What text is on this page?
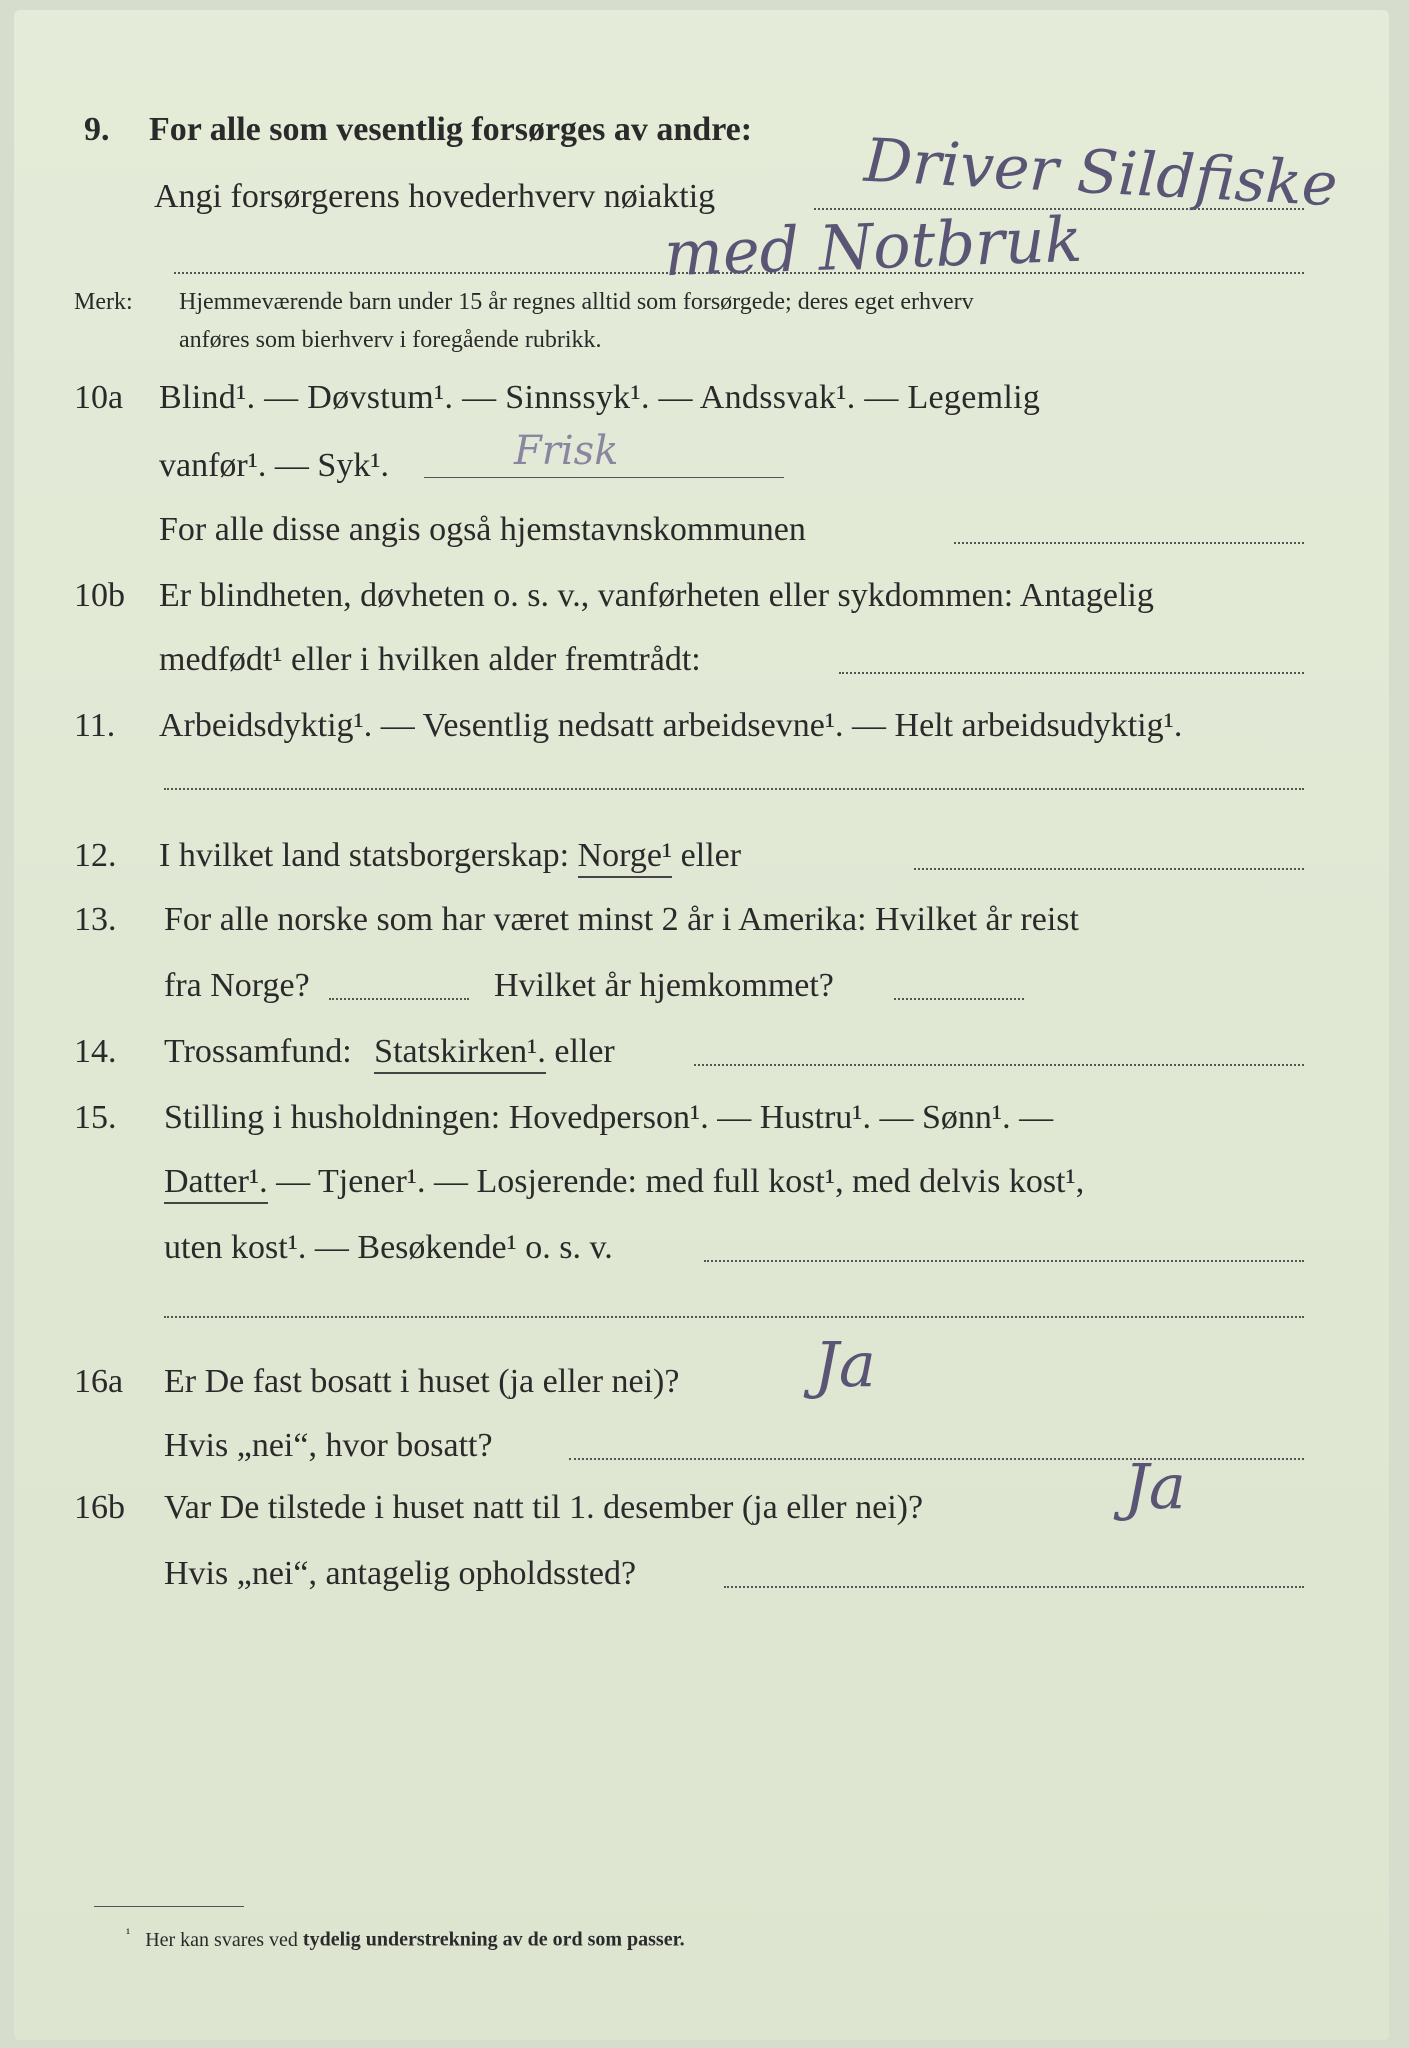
9. For alle som vesentlig forsørges av andre:
Angi forsørgerens hovederhverv nøiaktig Driver Sildfiske
med Notbruk
Merk: Hjemmeværende barn under 15 år regnes alltid som forsørgede; deres eget erhverv
anføres som bierhverv i foregående rubrikk.
10a Blind¹. — Døvstum¹. — Sinnssyk¹. — Andssvak¹. — Legemlig
vanfør¹. — Syk¹.	Frisk
For alle disse angis også hjemstavnskommunen
10b Er blindheten, døvheten o. s. v., vanførheten eller sykdommen: Antagelig
medfødt¹ eller i hvilken alder fremtrådt:
11. Arbeidsdyktig¹. — Vesentlig nedsatt arbeidsevne¹. — Helt arbeidsudyktig¹.
12. I hvilket land statsborgerskap: Norge¹ eller
13. For alle norske som har været minst 2 år i Amerika: Hvilket år reist
fra Norge?	Hvilket år hjemkommet?
14. Trossamfund: Statskirken¹. eller
15. Stilling i husholdningen: Hovedperson¹. — Hustru¹. — Sønn¹. —
Datter¹. — Tjener¹. — Losjerende: med full kost¹, med delvis kost¹,
uten kost¹. — Besøkende¹ o. s. v.
16a Er De fast bosatt i huset (ja eller nei)? Ja
Hvis „nei“, hvor bosatt?
16b Var De tilstede i huset natt til 1. desember (ja eller nei)?	Ja
Hvis „nei“, antagelig opholdssted?
$^{^1}$ Her kan svares ved tydelig understrekning av de ord som passer.
